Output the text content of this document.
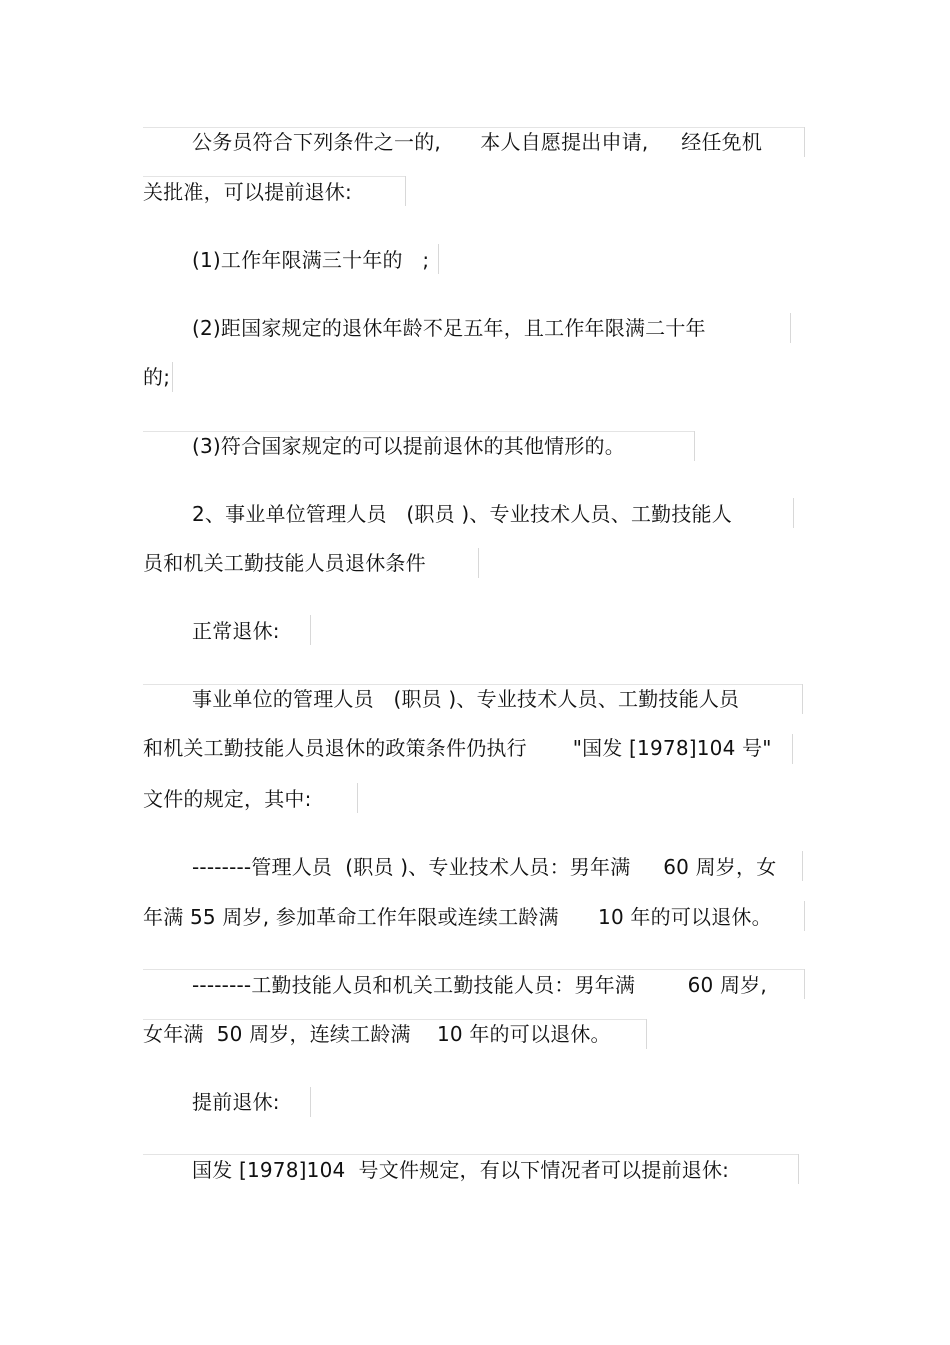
公务员符合下列条件之一的,      本人自愿提出申请,     经任免机
关批准，可以提前退休:
(1)工作年限满三十年的   ;
(2)距国家规定的退休年龄不足五年，且工作年限满二十年
的;
(3)符合国家规定的可以提前退休的其他情形的。
2、事业单位管理人员   (职员 )、专业技术人员、工勤技能人
员和机关工勤技能人员退休条件
正常退休:
事业单位的管理人员   (职员 )、专业技术人员、工勤技能人员
和机关工勤技能人员退休的政策条件仍执行       "国发 [1978]104 号"
文件的规定，其中:
--------管理人员  (职员 )、专业技术人员：男年满     60 周岁，女
年满 55 周岁, 参加革命工作年限或连续工龄满      10 年的可以退休。
--------工勤技能人员和机关工勤技能人员：男年满        60 周岁,
女年满  50 周岁，连续工龄满    10 年的可以退休。
提前退休:
国发 [1978]104  号文件规定，有以下情况者可以提前退休:
